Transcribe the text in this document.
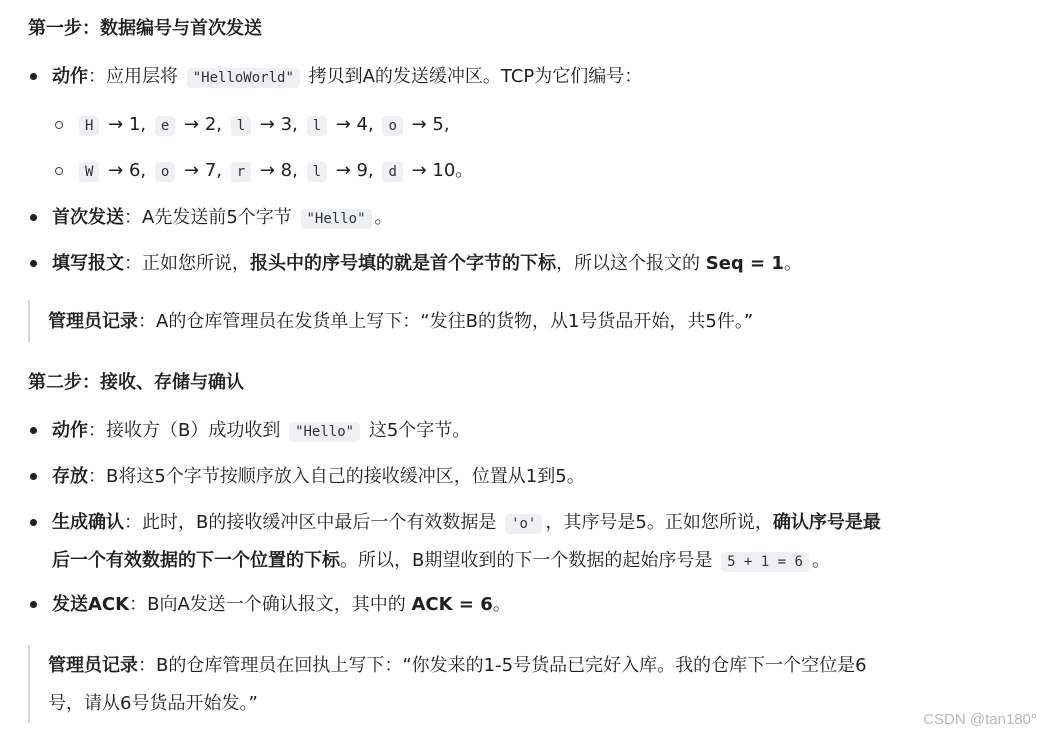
第一步：数据编号与首次发送
动作：应用层将 "HelloWorld" 拷贝到A的发送缓冲区。TCP为它们编号：
H → 1, e → 2, l → 3, l → 4, o → 5,
W → 6, o → 7, r → 8, l → 9, d → 10。
首次发送：A先发送前5个字节 "Hello" 。
填写报文：正如您所说，报头中的序号填的就是首个字节的下标，所以这个报文的 Seq = 1。
管理员记录：A的仓库管理员在发货单上写下：“发往B的货物，从1号货品开始，共5件。”
第二步：接收、存储与确认
动作：接收方（B）成功收到 "Hello" 这5个字节。
存放：B将这5个字节按顺序放入自己的接收缓冲区，位置从1到5。
生成确认：此时，B的接收缓冲区中最后一个有效数据是 'o' ，其序号是5。正如您所说，确认序号是最
后一个有效数据的下一个位置的下标。所以，B期望收到的下一个数据的起始序号是 5 + 1 = 6 。
发送ACK：B向A发送一个确认报文，其中的 ACK = 6。
管理员记录：B的仓库管理员在回执上写下：“你发来的1-5号货品已完好入库。我的仓库下一个空位是6
号，请从6号货品开始发。”
CSDN @tan180°
